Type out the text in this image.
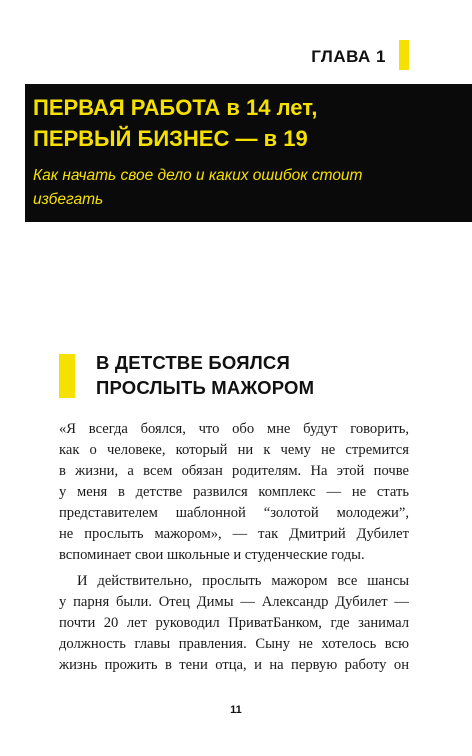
ГЛАВА 1
ПЕРВАЯ РАБОТА в 14 лет,
ПЕРВЫЙ БИЗНЕС — в 19
Как начать свое дело и каких ошибок стоит
избегать
В ДЕТСТВЕ БОЯЛСЯ
ПРОСЛЫТЬ МАЖОРОМ
«Я всегда боялся, что обо мне будут говорить,
как о человеке, который ни к чему не стремится
в жизни, а всем обязан родителям. На этой почве
у меня в детстве развился комплекс — не стать
представителем шаблонной “золотой молодежи”,
не прослыть мажором», — так Дмитрий Дубилет
вспоминает свои школьные и студенческие годы.
И действительно, прослыть мажором все шансы
у парня были. Отец Димы — Александр Дубилет —
почти 20 лет руководил ПриватБанком, где занимал
должность главы правления. Сыну не хотелось всю
жизнь прожить в тени отца, и на первую работу он
11
